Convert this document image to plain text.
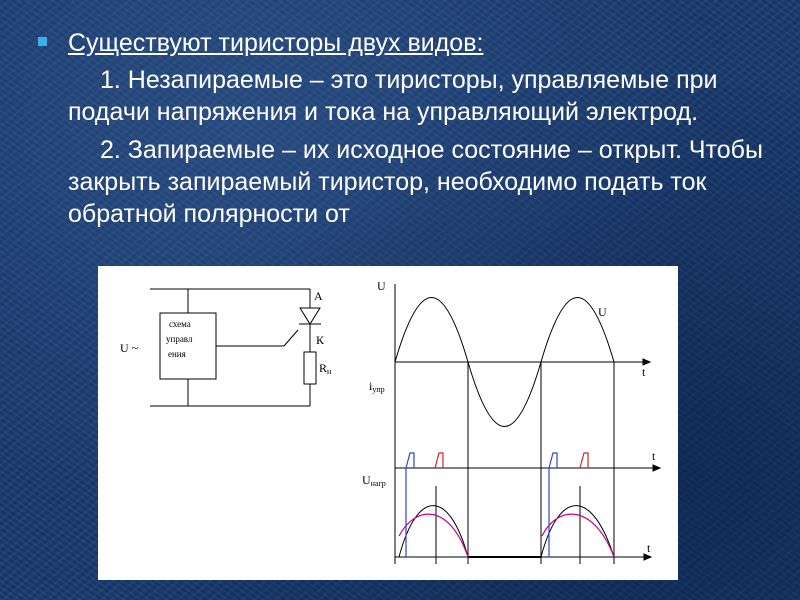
Существуют тиристоры двух видов:
1. Незапираемые – это тиристоры, управляемые при подачи напряжения и тока на управляющий электрод.
2. Запираемые – их исходное состояние – открыт. Чтобы закрыть запираемый тиристор, необходимо подать ток обратной полярности от
U ~
схема
управл
ения
А
К
Rн
U
U
t
iупр
t
Uнагр
t
